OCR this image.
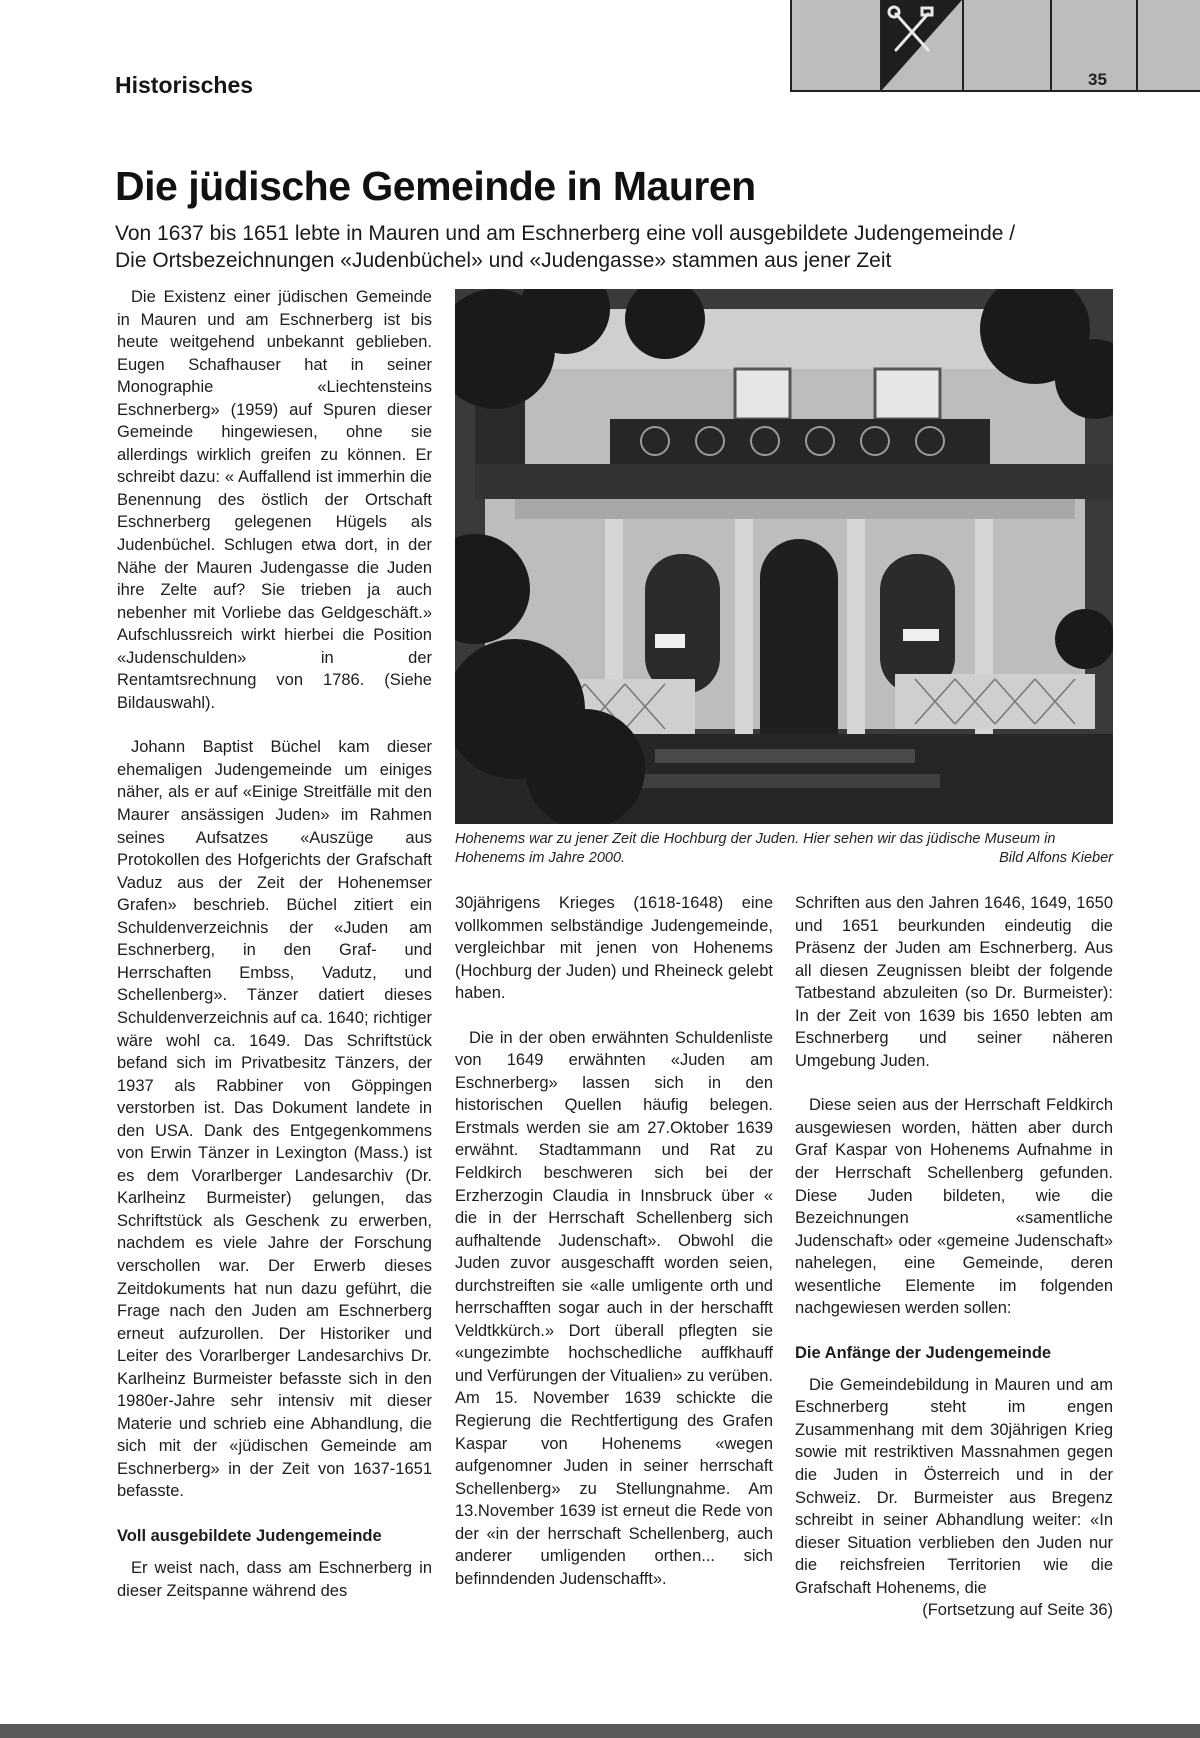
Historisches	35

Die jüdische Gemeinde in Mauren

Von 1637 bis 1651 lebte in Mauren und am Eschnerberg eine voll ausgebildete Judengemeinde /
Die Ortsbezeichnungen «Judenbüchel» und «Judengasse» stammen aus jener Zeit

Die Existenz einer jüdischen Gemeinde in Mauren und am Eschnerberg ist bis heute weitgehend unbekannt geblieben. Eugen Schafhauser hat in seiner Monographie «Liechtensteins Eschnerberg» (1959) auf Spuren dieser Gemeinde hingewiesen, ohne sie allerdings wirklich greifen zu können. Er schreibt dazu: « Auffallend ist immerhin die Benennung des östlich der Ortschaft Eschnerberg gelegenen Hügels als Judenbüchel. Schlugen etwa dort, in der Nähe der Mauren Judengasse die Juden ihre Zelte auf? Sie trieben ja auch nebenher mit Vorliebe das Geldgeschäft.» Aufschlussreich wirkt hierbei die Position «Judenschulden» in der Rentamtsrechnung von 1786. (Siehe Bildauswahl).

Johann Baptist Büchel kam dieser ehemaligen Judengemeinde um einiges näher, als er auf «Einige Streitfälle mit den Maurer ansässigen Juden» im Rahmen seines Aufsatzes «Auszüge aus Protokollen des Hofgerichts der Grafschaft Vaduz aus der Zeit der Hohenemser Grafen» beschrieb. Büchel zitiert ein Schuldenverzeichnis der «Juden am Eschnerberg, in den Graf- und Herrschaften Embss, Vadutz, und Schellenberg». Tänzer datiert dieses Schuldenverzeichnis auf ca. 1640; richtiger wäre wohl ca. 1649. Das Schriftstück befand sich im Privatbesitz Tänzers, der 1937 als Rabbiner von Göppingen verstorben ist. Das Dokument landete in den USA. Dank des Entgegenkommens von Erwin Tänzer in Lexington (Mass.) ist es dem Vorarlberger Landesarchiv (Dr. Karlheinz Burmeister) gelungen, das Schriftstück als Geschenk zu erwerben, nachdem es viele Jahre der Forschung verschollen war. Der Erwerb dieses Zeitdokuments hat nun dazu geführt, die Frage nach den Juden am Eschnerberg erneut aufzurollen. Der Historiker und Leiter des Vorarlberger Landesarchivs Dr. Karlheinz Burmeister befasste sich in den 1980er-Jahre sehr intensiv mit dieser Materie und schrieb eine Abhandlung, die sich mit der «jüdischen Gemeinde am Eschnerberg» in der Zeit von 1637-1651 befasste.

Voll ausgebildete Judengemeinde

Er weist nach, dass am Eschnerberg in dieser Zeitspanne während des

Hohenems war zu jener Zeit die Hochburg der Juden. Hier sehen wir das jüdische Museum in Hohenems im Jahre 2000.	Bild Alfons Kieber

30jährigens Krieges (1618-1648) eine vollkommen selbständige Judengemeinde, vergleichbar mit jenen von Hohenems (Hochburg der Juden) und Rheineck gelebt haben.

Die in der oben erwähnten Schuldenliste von 1649 erwähnten «Juden am Eschnerberg» lassen sich in den historischen Quellen häufig belegen. Erstmals werden sie am 27.Oktober 1639 erwähnt. Stadtammann und Rat zu Feldkirch beschweren sich bei der Erzherzogin Claudia in Innsbruck über « die in der Herrschaft Schellenberg sich aufhaltende Judenschaft». Obwohl die Juden zuvor ausgeschafft worden seien, durchstreiften sie «alle umligente orth und herrschafften sogar auch in der herschafft Veldtkkürch.» Dort überall pflegten sie «ungezimbte hochschedliche auffkhauff und Verfürungen der Vitualien» zu verüben. Am 15. November 1639 schickte die Regierung die Rechtfertigung des Grafen Kaspar von Hohenems «wegen aufgenomner Juden in seiner herrschaft Schellenberg» zu Stellungnahme. Am 13.November 1639 ist erneut die Rede von der «in der herrschaft Schellenberg, auch anderer umligenden orthen... sich befinndenden Judenschafft».

Schriften aus den Jahren 1646, 1649, 1650 und 1651 beurkunden eindeutig die Präsenz der Juden am Eschnerberg. Aus all diesen Zeugnissen bleibt der folgende Tatbestand abzuleiten (so Dr. Burmeister): In der Zeit von 1639 bis 1650 lebten am Eschnerberg und seiner näheren Umgebung Juden.

Diese seien aus der Herrschaft Feldkirch ausgewiesen worden, hätten aber durch Graf Kaspar von Hohenems Aufnahme in der Herrschaft Schellenberg gefunden. Diese Juden bildeten, wie die Bezeichnungen «samentliche Judenschaft» oder «gemeine Judenschaft» nahelegen, eine Gemeinde, deren wesentliche Elemente im folgenden nachgewiesen werden sollen:

Die Anfänge der Judengemeinde

Die Gemeindebildung in Mauren und am Eschnerberg steht im engen Zusammenhang mit dem 30jährigen Krieg sowie mit restriktiven Massnahmen gegen die Juden in Österreich und in der Schweiz. Dr. Burmeister aus Bregenz schreibt in seiner Abhandlung weiter: «In dieser Situation verblieben den Juden nur die reichsfreien Territorien wie die Grafschaft Hohenems, die

(Fortsetzung auf Seite 36)
